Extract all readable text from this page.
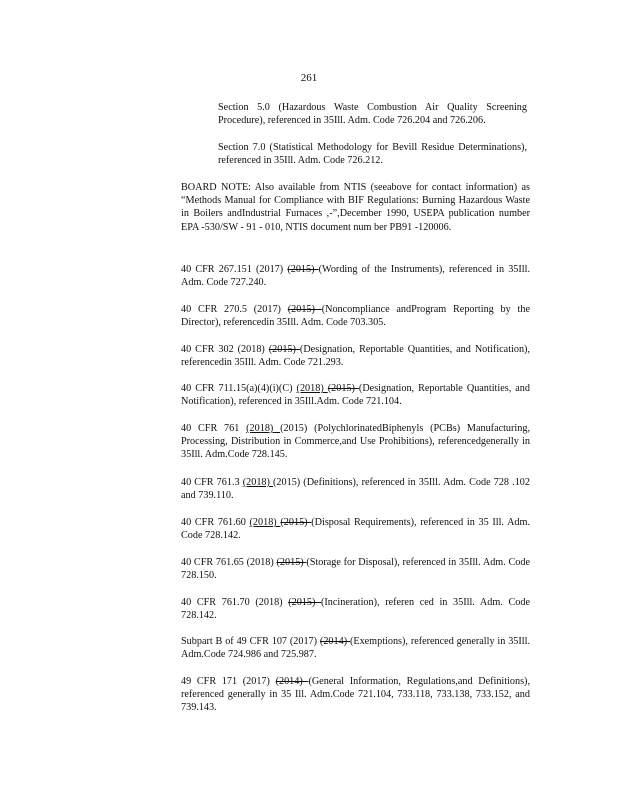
261
Section 5.0 (Hazardous Waste Combustion Air Quality Screening Procedure), referenced in 35Ill. Adm. Code 726.204 and 726.206.
Section 7.0 (Statistical Methodology for Bevill Residue Determinations), referenced in 35Ill. Adm. Code 726.212.
BOARD NOTE: Also available from NTIS (seeabove for contact information) as “Methods Manual for Compliance with BIF Regulations: Burning Hazardous Waste in Boilers andIndustrial Furnaces ,-”,December 1990, USEPA publication number EPA -530/SW - 91 - 010, NTIS document num ber PB91 -120006.
40 CFR 267.151 (2017) (2015) (Wording of the Instruments), referenced in 35Ill. Adm. Code 727.240.
40 CFR 270.5 (2017) (2015) (Noncompliance andProgram Reporting by the Director), referencedin 35Ill. Adm. Code 703.305.
40 CFR 302 (2018) (2015) (Designation, Reportable Quantities, and Notification), referencedin 35Ill. Adm. Code 721.293.
40 CFR 711.15(a)(4)(i)(C) (2018) (2015) (Designation, Reportable Quantities, and Notification), referenced in 35Ill.Adm. Code 721.104.
40 CFR 761 (2018) (2015) (PolychlorinatedBiphenyls (PCBs) Manufacturing, Processing, Distribution in Commerce,and Use Prohibitions), referencedgenerally in 35Ill. Adm.Code 728.145.
40 CFR 761.3 (2018) (2015) (Definitions), referenced in 35Ill. Adm. Code 728 .102 and 739.110.
40 CFR 761.60 (2018) (2015) (Disposal Requirements), referenced in 35 Ill. Adm. Code 728.142.
40 CFR 761.65 (2018) (2015) (Storage for Disposal), referenced in 35Ill. Adm. Code 728.150.
40 CFR 761.70 (2018) (2015) (Incineration), referen ced in 35Ill. Adm. Code 728.142.
Subpart B of 49 CFR 107 (2017) (2014) (Exemptions), referenced generally in 35Ill. Adm.Code 724.986 and 725.987.
49 CFR 171 (2017) (2014) (General Information, Regulations,and Definitions), referenced generally in 35 Ill. Adm.Code 721.104, 733.118, 733.138, 733.152, and 739.143.
